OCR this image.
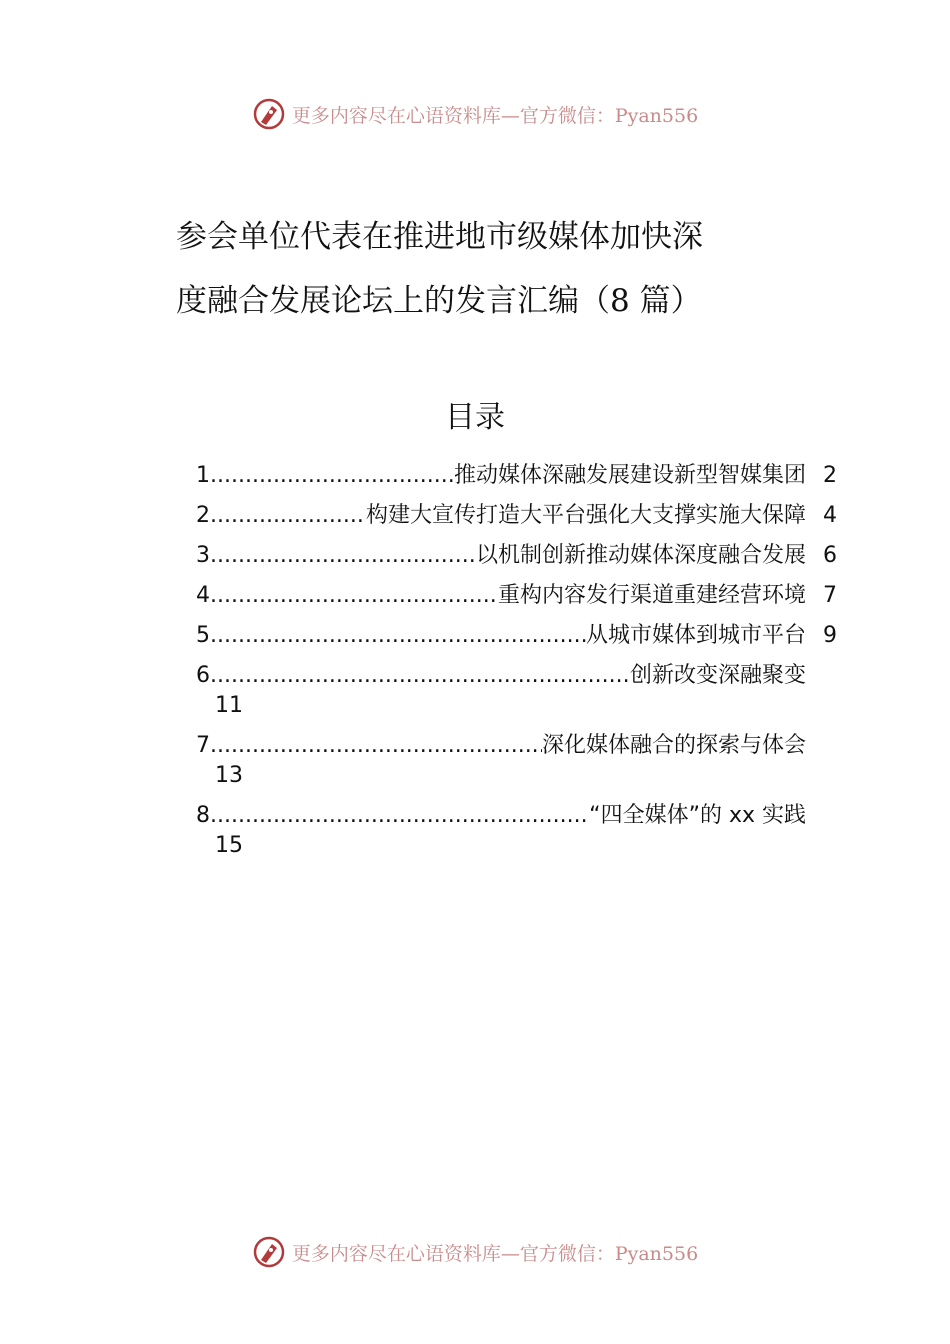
更多内容尽在心语资料库—官方微信：Pyan556
参会单位代表在推进地市级媒体加快深
度融合发展论坛上的发言汇编（8 篇）
目录
1 .....	推动媒体深融发展建设新型智媒集团 2
2 .....	构建大宣传打造大平台强化大支撑实施大保障 4
3 .....	以机制创新推动媒体深度融合发展 6
4 .....	重构内容发行渠道重建经营环境 7
5 .....	从城市媒体到城市平台 9
6 .....	创新改变深融聚变
11
7 .....	深化媒体融合的探索与体会
13
8 .....	“四全媒体”的 xx 实践
15
更多内容尽在心语资料库—官方微信：Pyan556
